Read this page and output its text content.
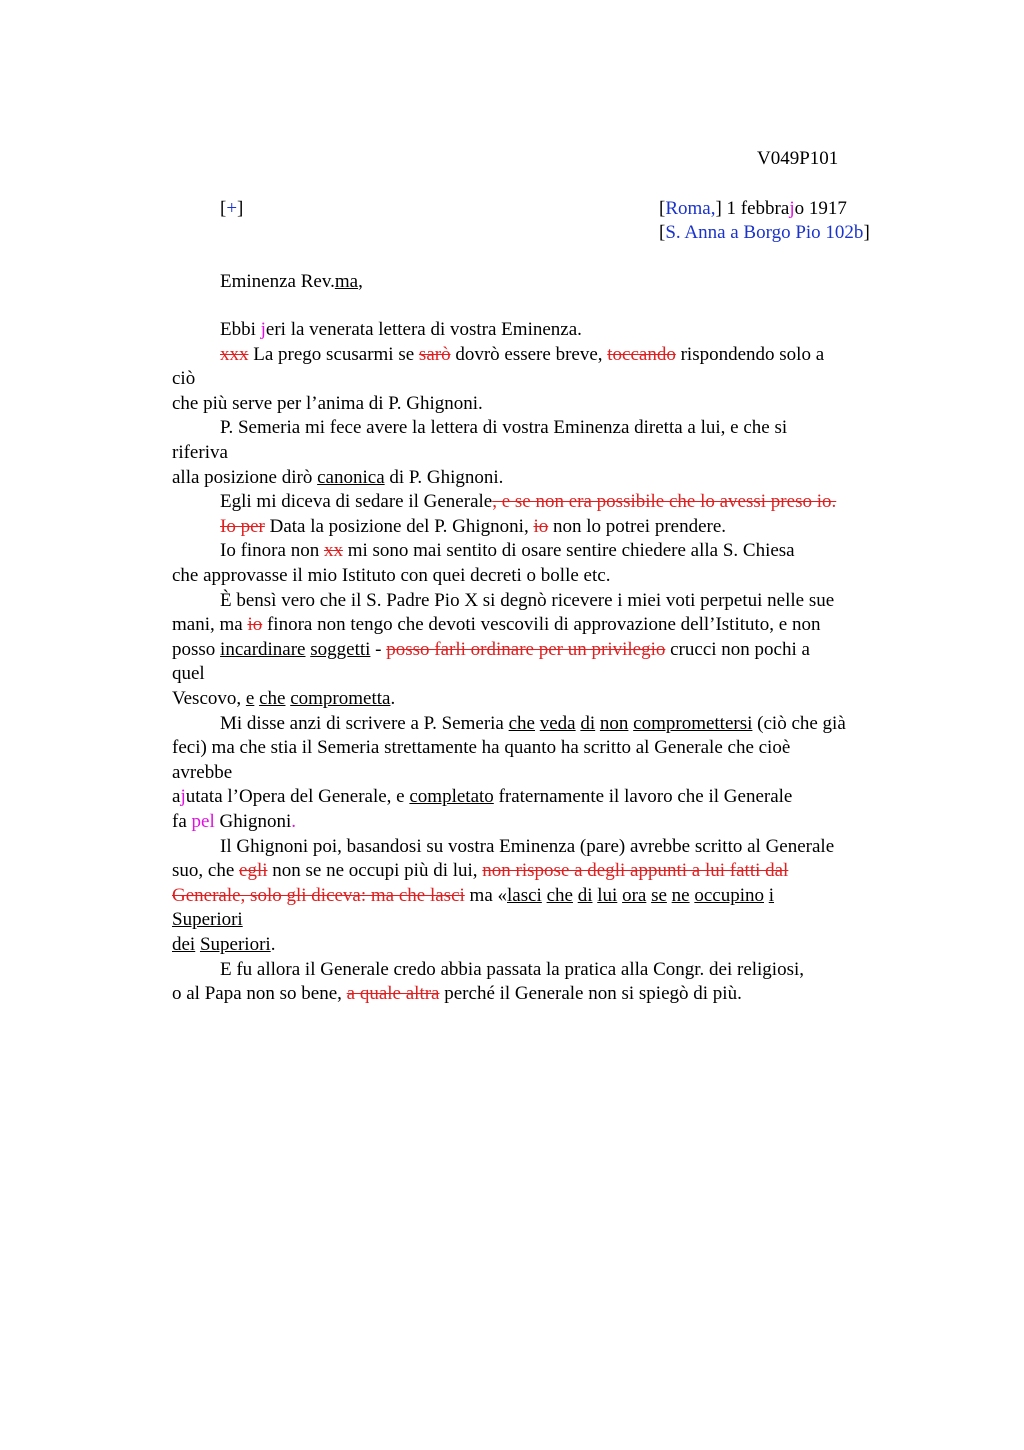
V049P101
[+]	[Roma,] 1 febbrajo 1917
[S. Anna a Borgo Pio 102b]
Eminenza Rev.ma,
Ebbi jeri la venerata lettera di vostra Eminenza.
xxx La prego scusarmi se sarò dovrò essere breve, toccando rispondendo solo a
ciò
che più serve per l’anima di P. Ghignoni.
P. Semeria mi fece avere la lettera di vostra Eminenza diretta a lui, e che si
riferiva
alla posizione dirò canonica di P. Ghignoni.
Egli mi diceva di sedare il Generale, e se non era possibile che lo avessi preso io.
Io per Data la posizione del P. Ghignoni, io non lo potrei prendere.
Io finora non xx mi sono mai sentito di osare sentire chiedere alla S. Chiesa
che approvasse il mio Istituto con quei decreti o bolle etc.
È bensì vero che il S. Padre Pio X si degnò ricevere i miei voti perpetui nelle sue
mani, ma io finora non tengo che devoti vescovili di approvazione dell’Istituto, e non
posso incardinare soggetti - posso farli ordinare per un privilegio crucci non pochi a
quel
Vescovo, e che comprometta.
Mi disse anzi di scrivere a P. Semeria che veda di non compromettersi (ciò che già
feci) ma che stia il Semeria strettamente ha quanto ha scritto al Generale che cioè
avrebbe
ajutata l’Opera del Generale, e completato fraternamente il lavoro che il Generale
fa pel Ghignoni.
Il Ghignoni poi, basandosi su vostra Eminenza (pare) avrebbe scritto al Generale
suo, che egli non se ne occupi più di lui, non rispose a degli appunti a lui fatti dal
Generale, solo gli diceva: ma che lasci ma «lasci che di lui ora se ne occupino i
Superiori
dei Superiori.
E fu allora il Generale credo abbia passata la pratica alla Congr. dei religiosi,
o al Papa non so bene, a quale altra perché il Generale non si spiegò di più.
